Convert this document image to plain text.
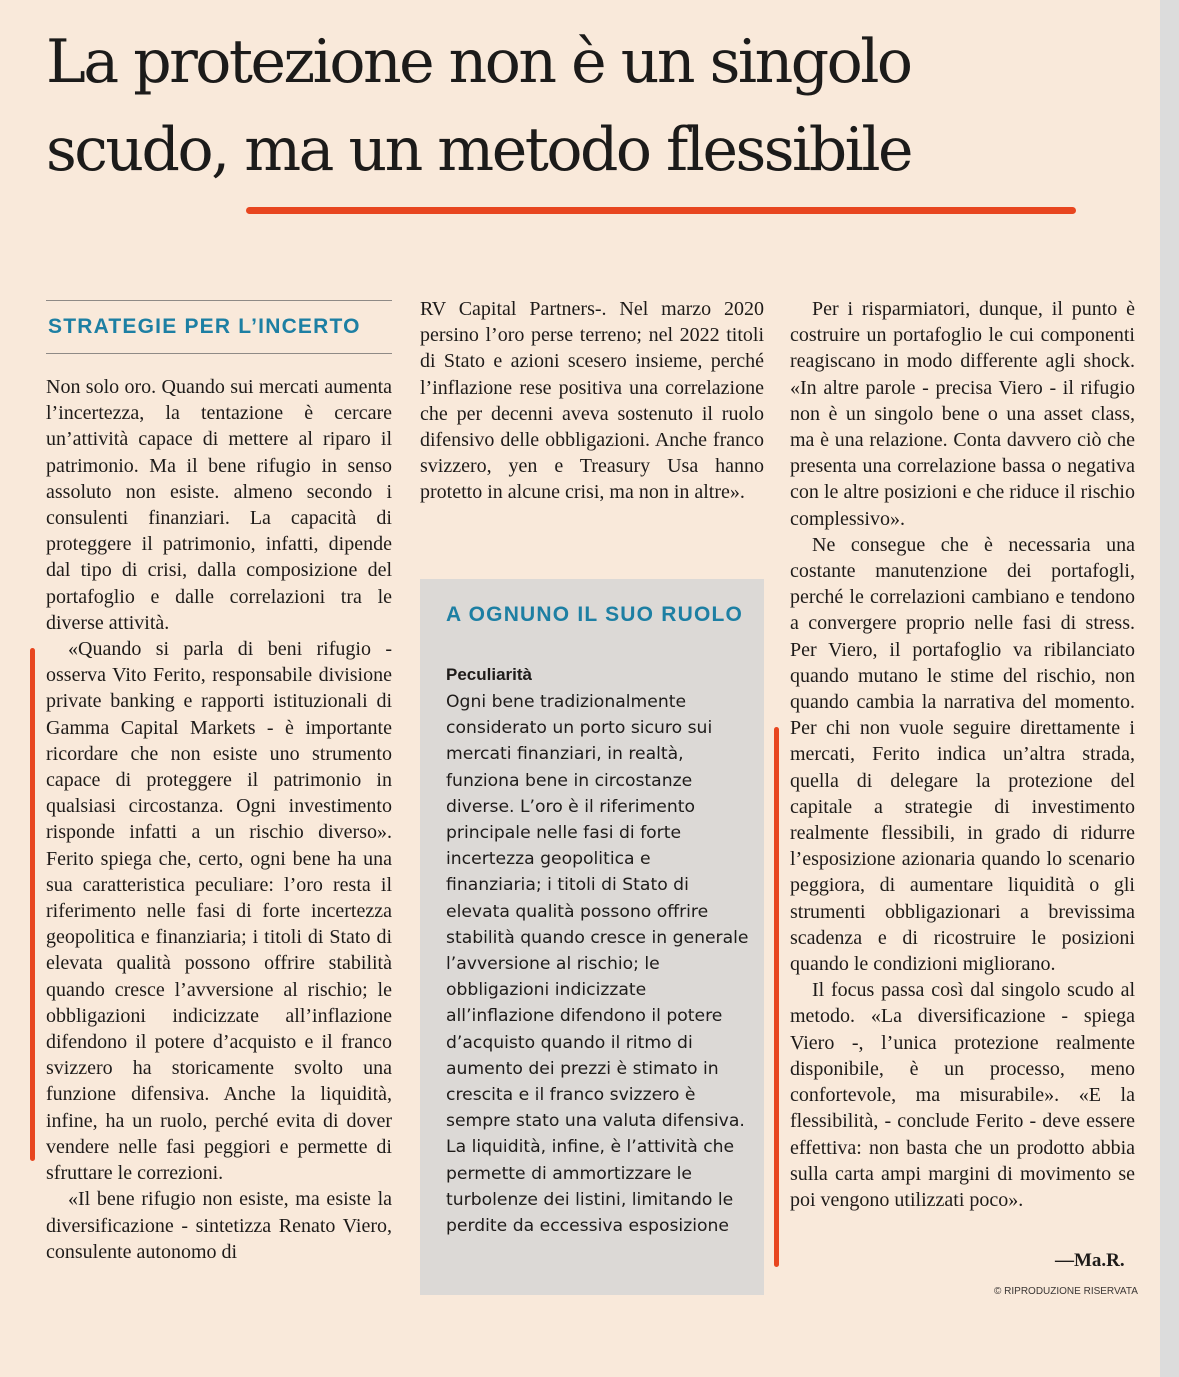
La protezione non è un singolo
scudo, ma un metodo flessibile
STRATEGIE PER L’INCERTO

Non solo oro. Quando sui mercati aumenta l’incertezza, la tentazione è cercare un’attività capace di mettere al riparo il patrimonio. Ma il bene rifugio in senso assoluto non esiste. almeno secondo i consulenti finanziari. La capacità di proteggere il patrimonio, infatti, dipende dal tipo di crisi, dalla composizione del portafoglio e dalle correlazioni tra le diverse attività.

«Quando si parla di beni rifugio - osserva Vito Ferito, responsabile divisione private banking e rapporti istituzionali di Gamma Capital Markets - è importante ricordare che non esiste uno strumento capace di proteggere il patrimonio in qualsiasi circostanza. Ogni investimento risponde infatti a un rischio diverso». Ferito spiega che, certo, ogni bene ha una sua caratteristica peculiare: l’oro resta il riferimento nelle fasi di forte incertezza geopolitica e finanziaria; i titoli di Stato di elevata qualità possono offrire stabilità quando cresce l’avversione al rischio; le obbligazioni indicizzate all’inflazione difendono il potere d’acquisto e il franco svizzero ha storicamente svolto una funzione difensiva. Anche la liquidità, infine, ha un ruolo, perché evita di dover vendere nelle fasi peggiori e permette di sfruttare le correzioni.

«Il bene rifugio non esiste, ma esiste la diversificazione - sintetizza Renato Viero, consulente autonomo di

RV Capital Partners-. Nel marzo 2020 persino l’oro perse terreno; nel 2022 titoli di Stato e azioni scesero insieme, perché l’inflazione rese positiva una correlazione che per decenni aveva sostenuto il ruolo difensivo delle obbligazioni. Anche franco svizzero, yen e Treasury Usa hanno protetto in alcune crisi, ma non in altre».

A OGNUNO IL SUO RUOLO
Peculiarità

Ogni bene tradizionalmente considerato un porto sicuro sui mercati finanziari, in realtà, funziona bene in circostanze diverse. L’oro è il riferimento principale nelle fasi di forte incertezza geopolitica e finanziaria; i titoli di Stato di elevata qualità possono offrire stabilità quando cresce in generale l’avversione al rischio; le obbligazioni indicizzate all’inflazione difendono il potere d’acquisto quando il ritmo di aumento dei prezzi è stimato in crescita e il franco svizzero è sempre stato una valuta difensiva. La liquidità, infine, è l’attività che permette di ammortizzare le turbolenze dei listini, limitando le perdite da eccessiva esposizione

Per i risparmiatori, dunque, il punto è costruire un portafoglio le cui componenti reagiscano in modo differente agli shock. «In altre parole - precisa Viero - il rifugio non è un singolo bene o una asset class, ma è una relazione. Conta davvero ciò che presenta una correlazione bassa o negativa con le altre posizioni e che riduce il rischio complessivo».

Ne consegue che è necessaria una costante manutenzione dei portafogli, perché le correlazioni cambiano e tendono a convergere proprio nelle fasi di stress. Per Viero, il portafoglio va ribilanciato quando mutano le stime del rischio, non quando cambia la narrativa del momento. Per chi non vuole seguire direttamente i mercati, Ferito indica un’altra strada, quella di delegare la protezione del capitale a strategie di investimento realmente flessibili, in grado di ridurre l’esposizione azionaria quando lo scenario peggiora, di aumentare liquidità o gli strumenti obbligazionari a brevissima scadenza e di ricostruire le posizioni quando le condizioni migliorano.

Il focus passa così dal singolo scudo al metodo. «La diversificazione - spiega Viero -, l’unica protezione realmente disponibile, è un processo, meno confortevole, ma misurabile». «E la flessibilità, - conclude Ferito - deve essere effettiva: non basta che un prodotto abbia sulla carta ampi margini di movimento se poi vengono utilizzati poco».

—Ma.R.

© RIPRODUZIONE RISERVATA
